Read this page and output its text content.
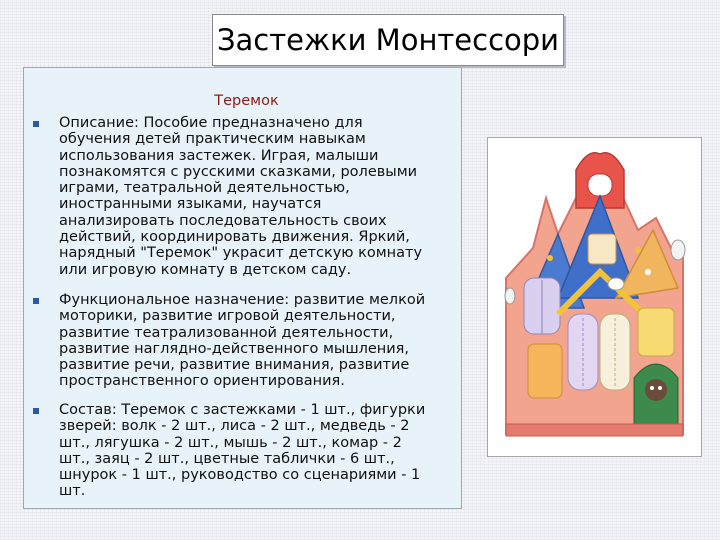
Застежки Монтессори
Теремок
Описание: Пособие предназначено для
обучения детей практическим навыкам
использования застежек. Играя, малыши
познакомятся с русскими сказками, ролевыми
играми, театральной деятельностью,
иностранными языками, научатся
анализировать последовательность своих
действий, координировать движения. Яркий,
нарядный "Теремок" украсит детскую комнату
или игровую комнату в детском саду.
Функциональное назначение: развитие мелкой
моторики, развитие игровой деятельности,
развитие театрализованной деятельности,
развитие наглядно-действенного мышления,
развитие речи, развитие внимания, развитие
пространственного ориентирования.
Состав: Теремок с застежками - 1 шт., фигурки
зверей: волк - 2 шт., лиса - 2 шт., медведь - 2
шт., лягушка - 2 шт., мышь - 2 шт., комар - 2
шт., заяц - 2 шт., цветные таблички - 6 шт.,
шнурок - 1 шт., руководство со сценариями - 1
шт.
